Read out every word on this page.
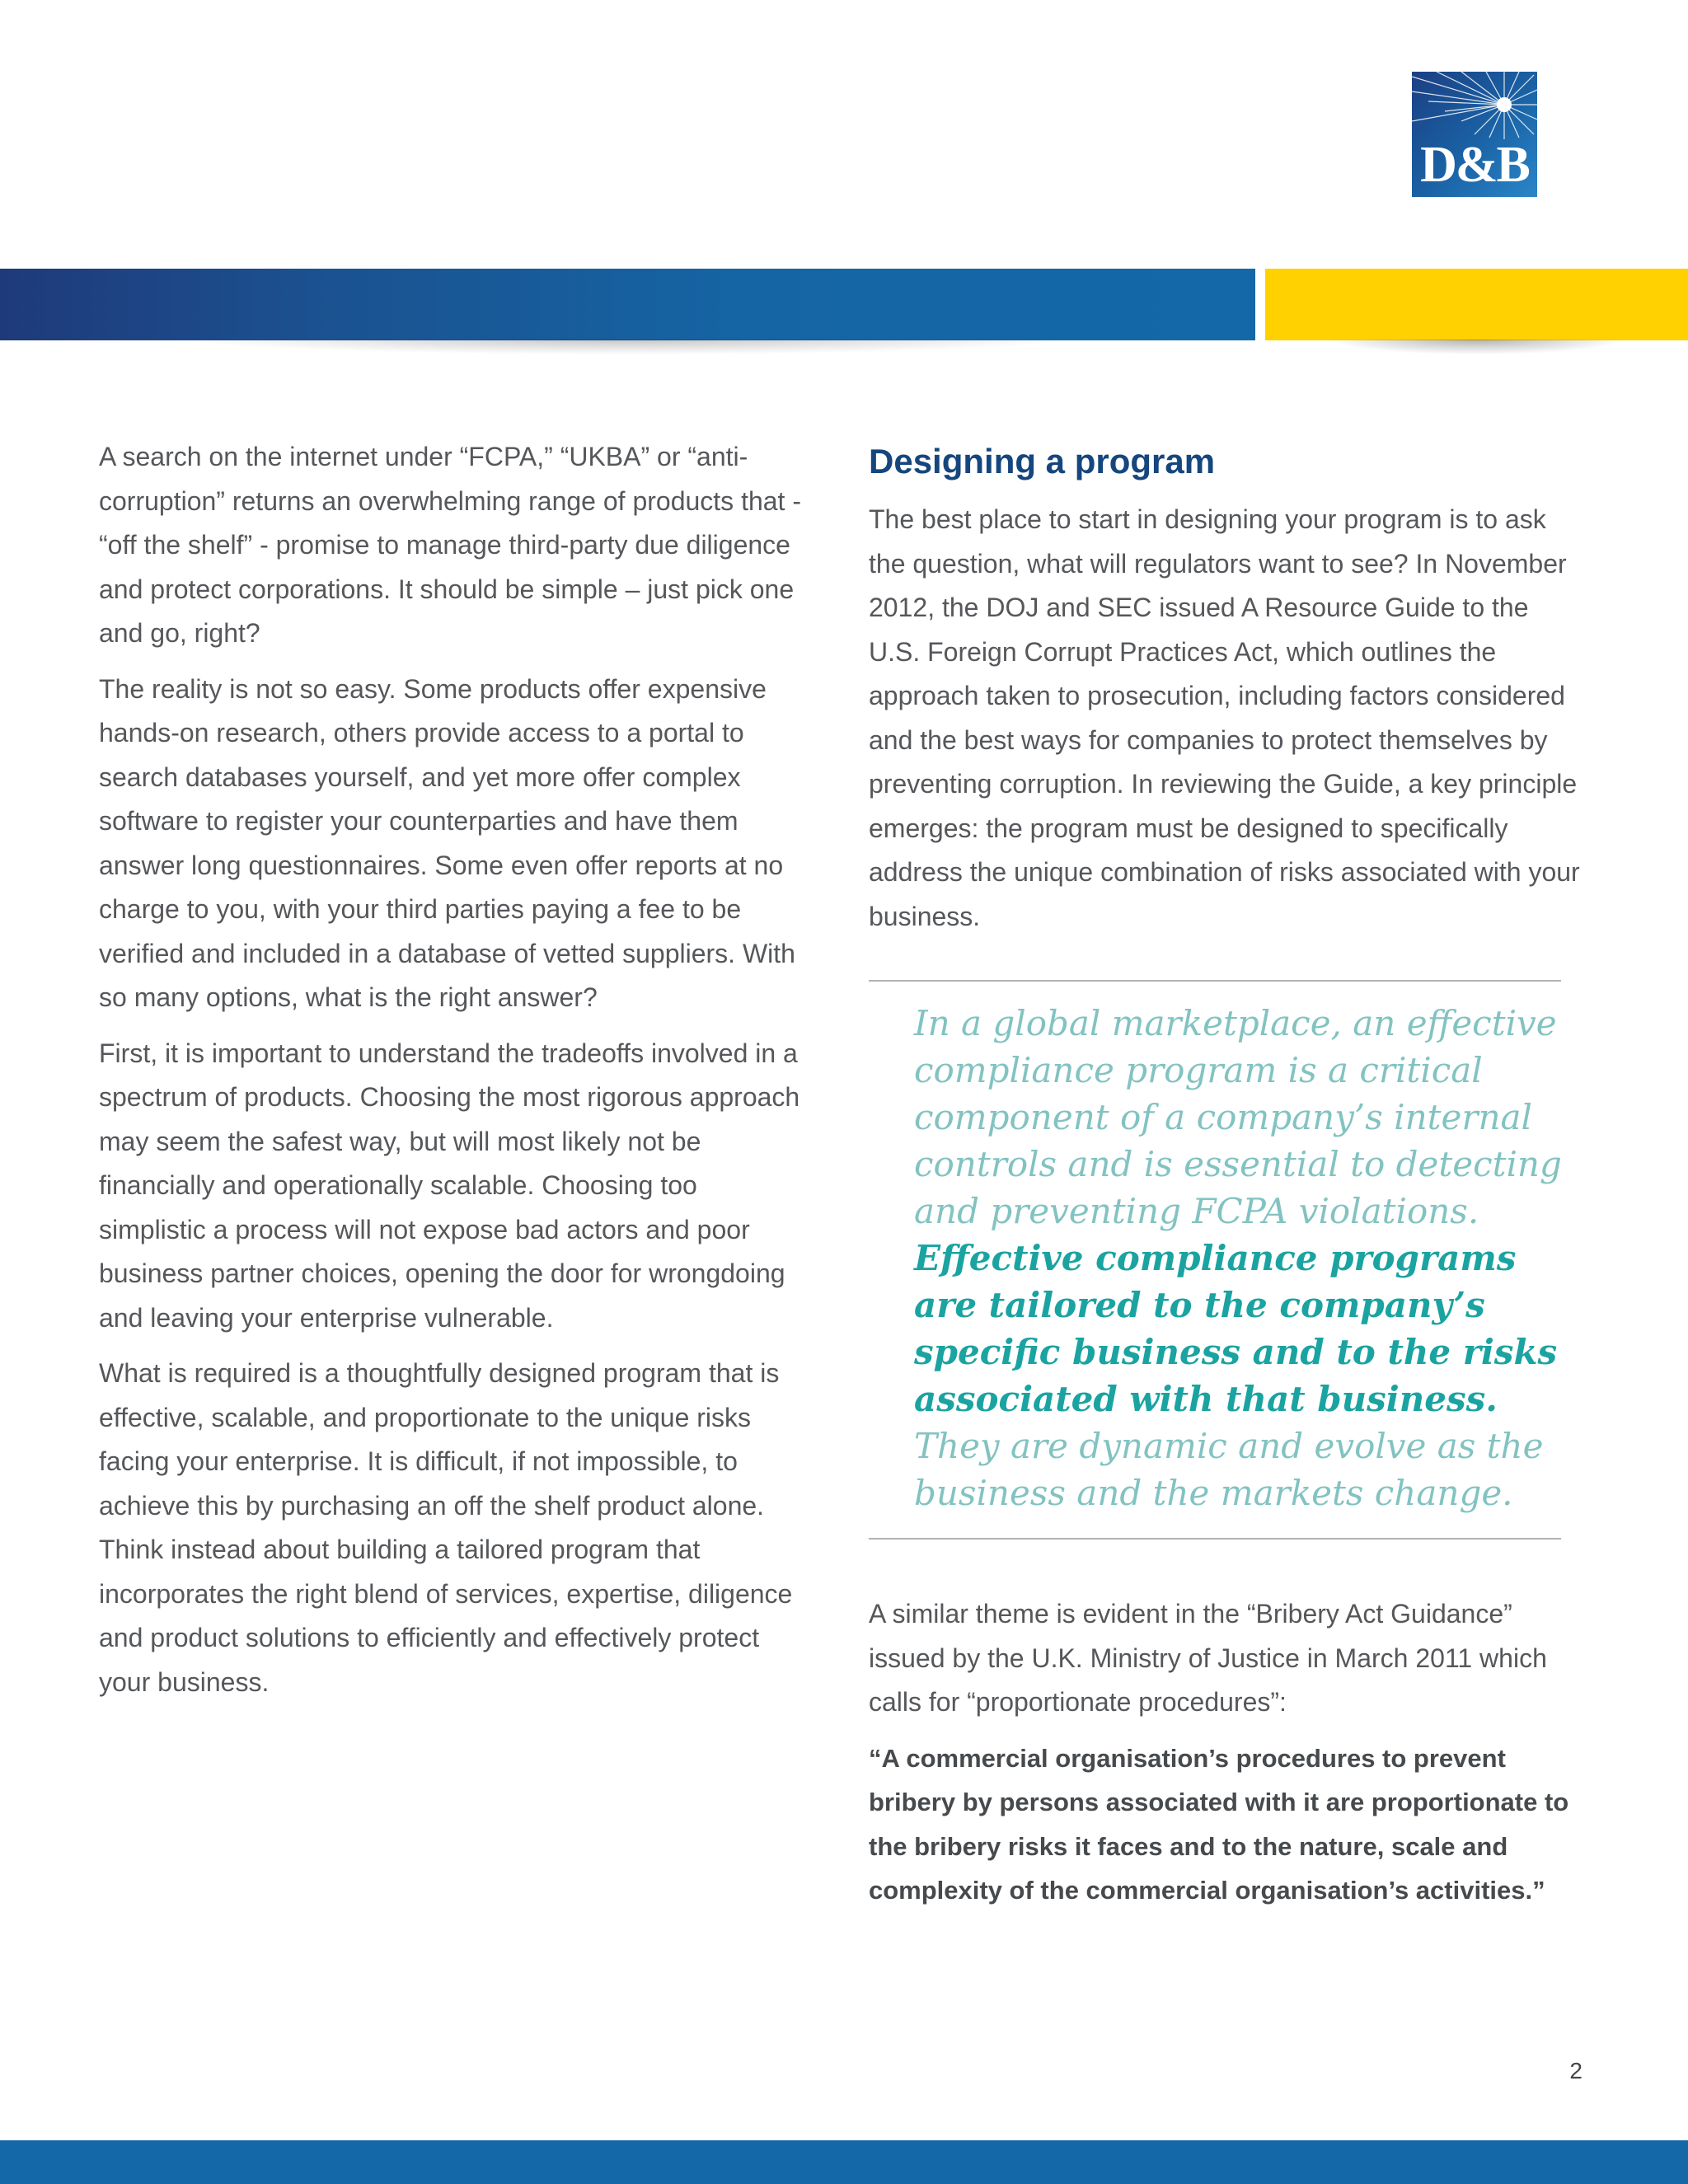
D&B

A search on the internet under “FCPA,” “UKBA” or “anti-corruption” returns an overwhelming range of products that - “off the shelf” - promise to manage third-party due diligence and protect corporations. It should be simple – just pick one and go, right?

The reality is not so easy. Some products offer expensive hands-on research, others provide access to a portal to search databases yourself, and yet more offer complex software to register your counterparties and have them answer long questionnaires. Some even offer reports at no charge to you, with your third parties paying a fee to be verified and included in a database of vetted suppliers. With so many options, what is the right answer?

First, it is important to understand the tradeoffs involved in a spectrum of products. Choosing the most rigorous approach may seem the safest way, but will most likely not be financially and operationally scalable. Choosing too simplistic a process will not expose bad actors and poor business partner choices, opening the door for wrongdoing and leaving your enterprise vulnerable.

What is required is a thoughtfully designed program that is effective, scalable, and proportionate to the unique risks facing your enterprise. It is difficult, if not impossible, to achieve this by purchasing an off the shelf product alone. Think instead about building a tailored program that incorporates the right blend of services, expertise, diligence and product solutions to efficiently and effectively protect your business.

Designing a program

The best place to start in designing your program is to ask the question, what will regulators want to see? In November 2012, the DOJ and SEC issued A Resource Guide to the U.S. Foreign Corrupt Practices Act, which outlines the approach taken to prosecution, including factors considered and the best ways for companies to protect themselves by preventing corruption. In reviewing the Guide, a key principle emerges: the program must be designed to specifically address the unique combination of risks associated with your business.

In a global marketplace, an effective compliance program is a critical component of a company’s internal controls and is essential to detecting and preventing FCPA violations. Effective compliance programs are tailored to the company’s specific business and to the risks associated with that business. They are dynamic and evolve as the business and the markets change.

A similar theme is evident in the “Bribery Act Guidance” issued by the U.K. Ministry of Justice in March 2011 which calls for “proportionate procedures”:

“A commercial organisation’s procedures to prevent bribery by persons associated with it are proportionate to the bribery risks it faces and to the nature, scale and complexity of the commercial organisation’s activities.”

2
